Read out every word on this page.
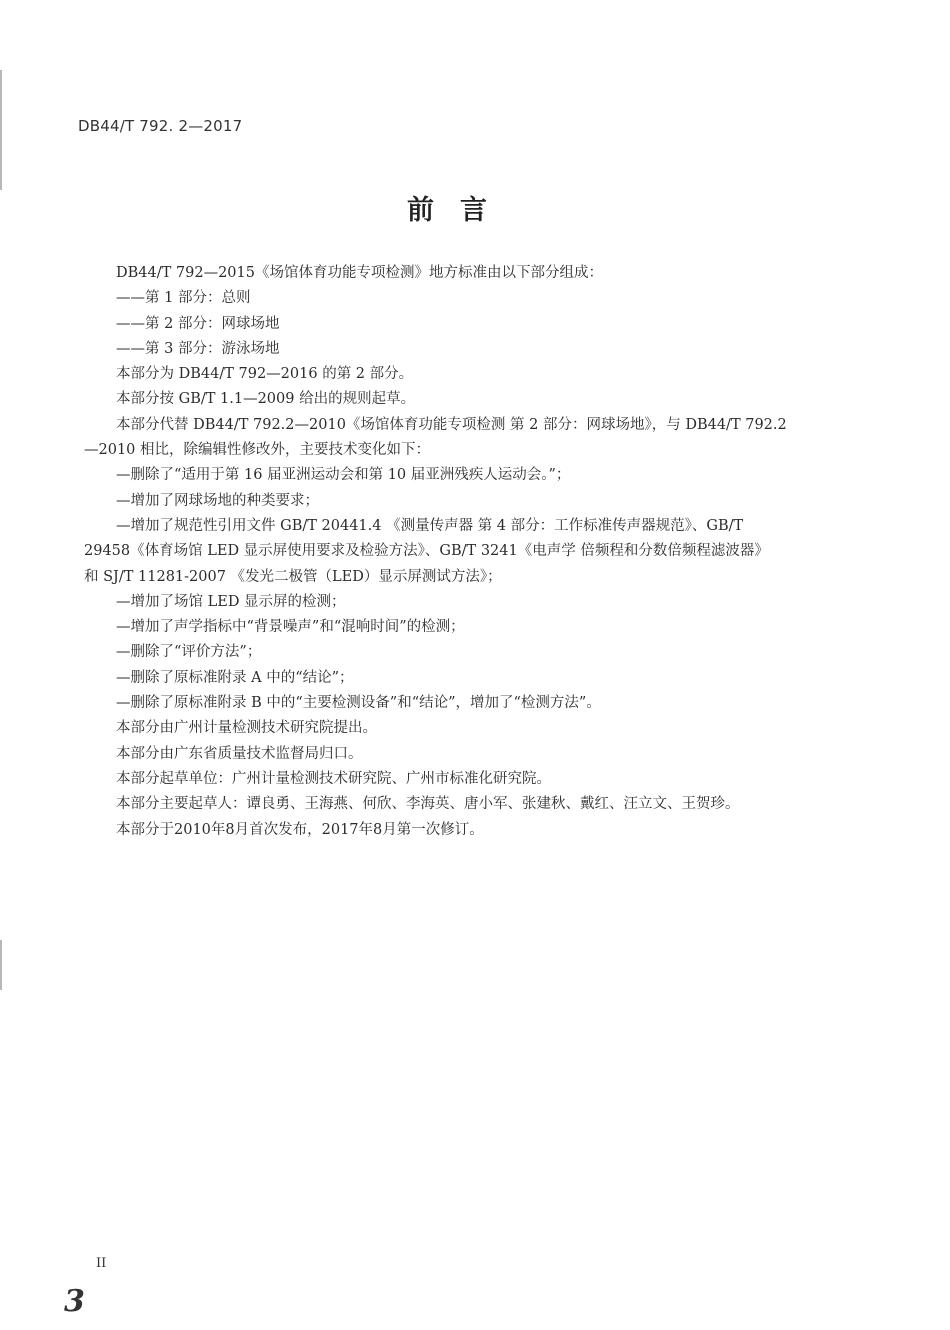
DB44/T 792. 2—2017
前言

DB44/T 792—2015《场馆体育功能专项检测》地方标准由以下部分组成：

——第 1 部分：总则

——第 2 部分：网球场地

——第 3 部分：游泳场地

本部分为 DB44/T 792—2016 的第 2 部分。

本部分按 GB/T 1.1—2009 给出的规则起草。

本部分代替 DB44/T 792.2—2010《场馆体育功能专项检测 第 2 部分：网球场地》，与 DB44/T 792.2

—2010 相比，除编辑性修改外，主要技术变化如下：

—删除了“适用于第 16 届亚洲运动会和第 10 届亚洲残疾人运动会。”；

—增加了网球场地的种类要求；

—增加了规范性引用文件 GB/T 20441.4 《测量传声器 第 4 部分：工作标准传声器规范》、GB/T

29458《体育场馆 LED 显示屏使用要求及检验方法》、GB/T 3241《电声学 倍频程和分数倍频程滤波器》

和 SJ/T 11281-2007 《发光二极管（LED）显示屏测试方法》；

—增加了场馆 LED 显示屏的检测；

—增加了声学指标中“背景噪声”和“混响时间”的检测；

—删除了“评价方法”；

—删除了原标准附录 A 中的“结论”；

—删除了原标准附录 B 中的“主要检测设备”和“结论”，增加了“检测方法”。

本部分由广州计量检测技术研究院提出。

本部分由广东省质量技术监督局归口。

本部分起草单位：广州计量检测技术研究院、广州市标准化研究院。

本部分主要起草人：谭良勇、王海燕、何欣、李海英、唐小军、张建秋、戴红、汪立文、王贺珍。

本部分于2010年8月首次发布，2017年8月第一次修订。

II
3
